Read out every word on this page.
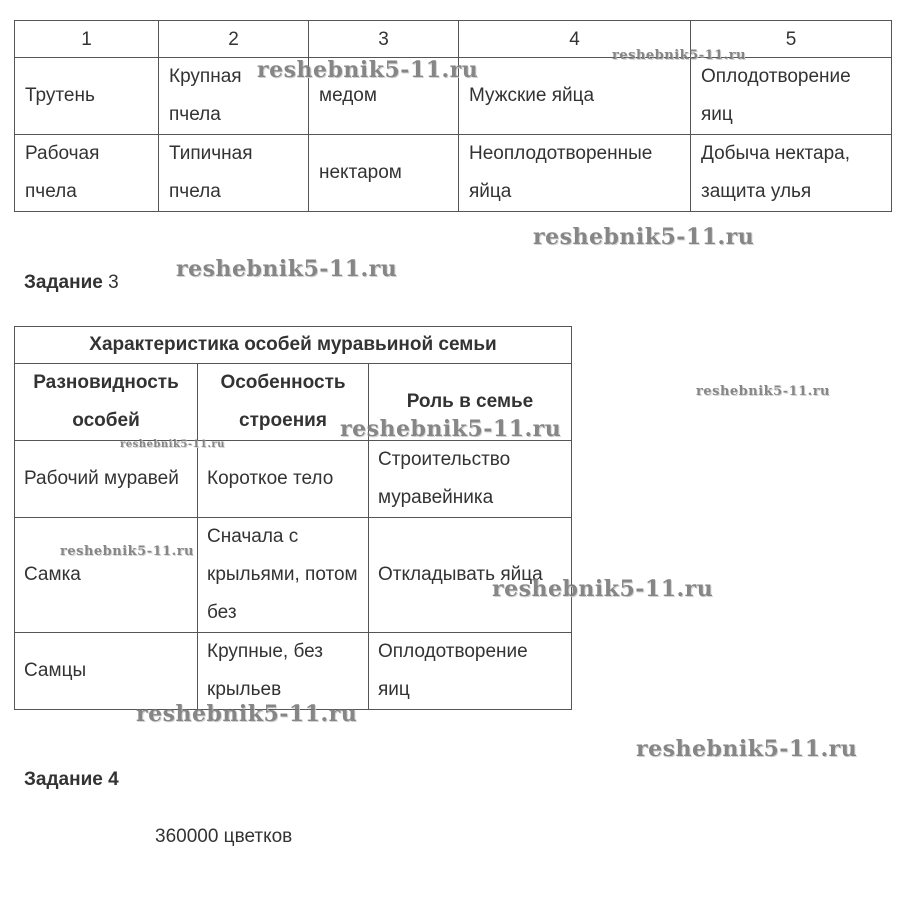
1	2	3	4	5
Трутень	Крупная пчела	медом	Мужские яйца	Оплодотворение яиц
Рабочая пчела	Типичная пчела	нектаром	Неоплодотворенные яйца	Добыча нектара, защита улья
Задание 3
Характеристика особей муравьиной семьи		
Разновидность особей	Особенность строения	Роль в семье
Рабочий муравей	Короткое тело	Строительство муравейника
Самка	Сначала с крыльями, потом без	Откладывать яйца
Самцы	Крупные, без крыльев	Оплодотворение яиц
Задание 4
360000 цветков
reshebnik5-11.ru
reshebnik5-11.ru
reshebnik5-11.ru
reshebnik5-11.ru
reshebnik5-11.ru
reshebnik5-11.ru
reshebnik5-11.ru
reshebnik5-11.ru
reshebnik5-11.ru
reshebnik5-11.ru
reshebnik5-11.ru
